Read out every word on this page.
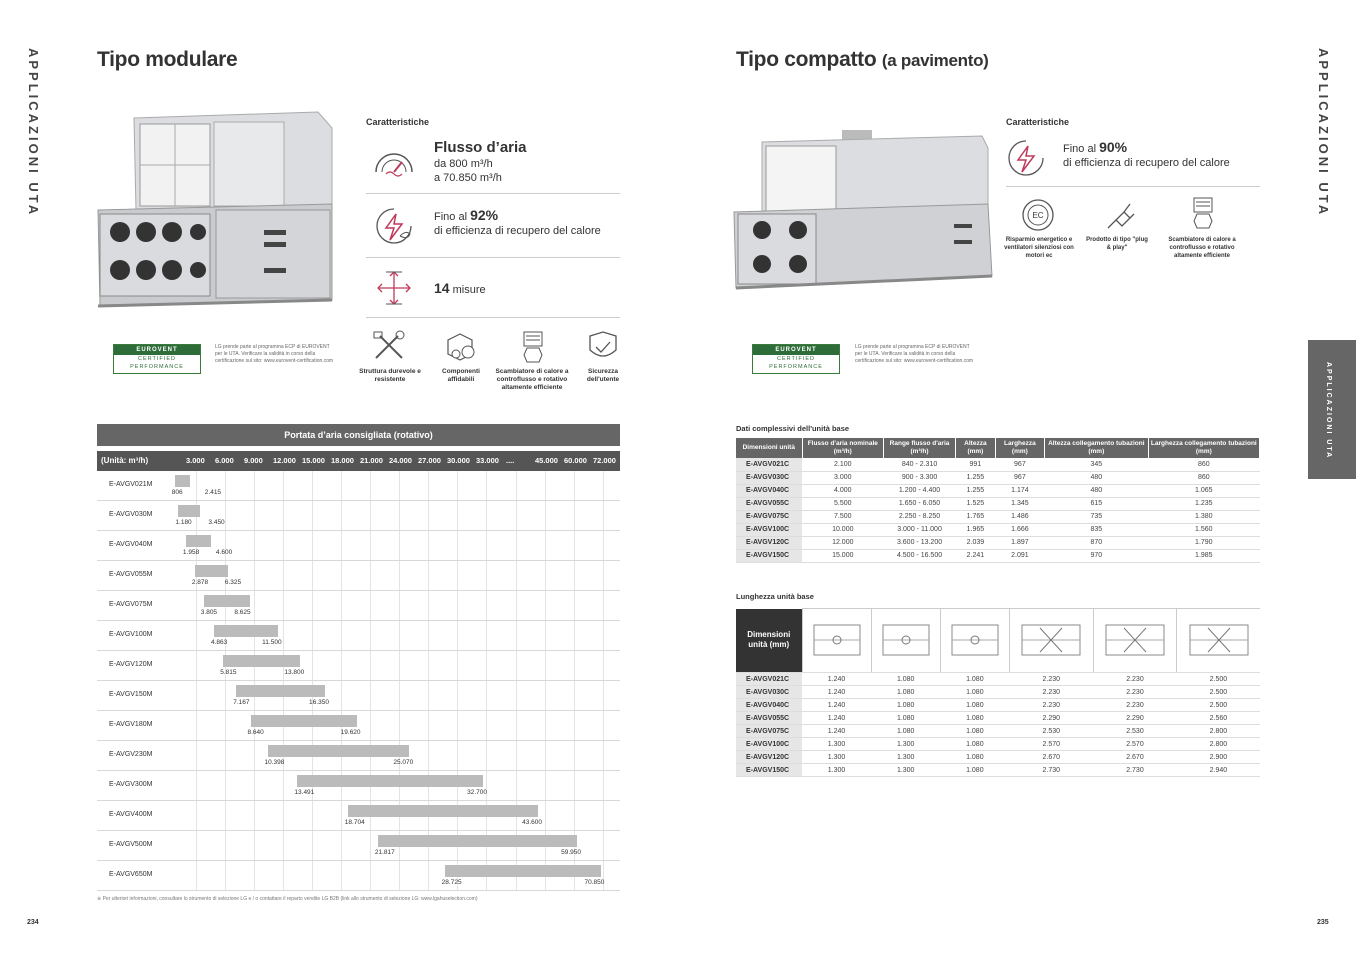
APPLICAZIONI UTA	Tipo modulare
Caratteristiche
Flusso d’aria
da 800 m³/h
a 70.850 m³/h
Fino al 92%
di efficienza di recupero del calore
14 misure
Struttura durevole e resistente
Componenti affidabili
Scambiatore di calore a controflusso e rotativo altamente efficiente
Sicurezza dell'utente
EUROVENT
CERTIFIED PERFORMANCE
LG prende parte al programma ECP di EUROVENT per le UTA. Verificare la validità in corso della certificazione sul sito: www.eurovent-certification.com
Portata d’aria consigliata (rotativo)
(Unità: m³/h)	3.000 6.000 9.000 12.000 15.000 18.000 21.000 24.000 27.000 30.000 33.000 ....	45.000 60.000 72.000
E-AVGV021M
806	2.415
E-AVGV030M
1.180	3.450
E-AVGV040M
1.958	4.600
E-AVGV055M
2.878	6.325
E-AVGV075M
3.805	8.625
E-AVGV100M
4.863	11.500
E-AVGV120M
5.815	13.800
E-AVGV150M
7.167	16.350
E-AVGV180M
8.640	19.620
E-AVGV230M
10.398	25.070
E-AVGV300M
13.491	32.700
E-AVGV400M
18.704	43.600
E-AVGV500M
21.817	59.950
E-AVGV650M
28.725	70.850
※ Per ulteriori informazioni, consultare lo strumento di selezione LG e / o contattare il reparto vendite LG B2B (link allo strumento di selezione LG: www.lgahuselection.com)
234
Tipo compatto (a pavimento)	APPLICAZIONI UTA
APPLICAZIONI UTA
Caratteristiche
Fino al 90%
di efficienza di recupero del calore
EC
Risparmio energetico e ventilatori silenziosi con motori ec
Prodotto di tipo "plug & play"
Scambiatore di calore a controflusso e rotativo altamente efficiente
EUROVENT
CERTIFIED PERFORMANCE
LG prende parte al programma ECP di EUROVENT per le UTA. Verificare la validità in corso della certificazione sul sito: www.eurovent-certification.com
Dati complessivi dell'unità base
Dimensioni unità	Flusso d'aria nominale (m³/h)	Range flusso d'aria (m³/h)	Altezza (mm)	Larghezza (mm)	Altezza collegamento tubazioni (mm)	Larghezza collegamento tubazioni (mm)
E-AVGV021C	2.100	840 - 2.310	991	967	345	860
E-AVGV030C	3.000	900 - 3.300	1.255	967	480	860
E-AVGV040C	4.000	1.200 - 4.400	1.255	1.174	480	1.065
E-AVGV055C	5.500	1.650 - 6.050	1.525	1.345	615	1.235
E-AVGV075C	7.500	2.250 - 8.250	1.765	1.486	735	1.380
E-AVGV100C	10.000	3.000 - 11.000	1.965	1.666	835	1.560
E-AVGV120C	12.000	3.600 - 13.200	2.039	1.897	870	1.790
E-AVGV150C	15.000	4.500 - 16.500	2.241	2.091	970	1.985
Lunghezza unità base
Dimensioni unità (mm)						
E-AVGV021C	1.240	1.080	1.080	2.230	2.230	2.500
E-AVGV030C	1.240	1.080	1.080	2.230	2.230	2.500
E-AVGV040C	1.240	1.080	1.080	2.230	2.230	2.500
E-AVGV055C	1.240	1.080	1.080	2.290	2.290	2.560
E-AVGV075C	1.240	1.080	1.080	2.530	2.530	2.800
E-AVGV100C	1.300	1.300	1.080	2.570	2.570	2.800
E-AVGV120C	1.300	1.300	1.080	2.670	2.670	2.900
E-AVGV150C	1.300	1.300	1.080	2.730	2.730	2.940
235
